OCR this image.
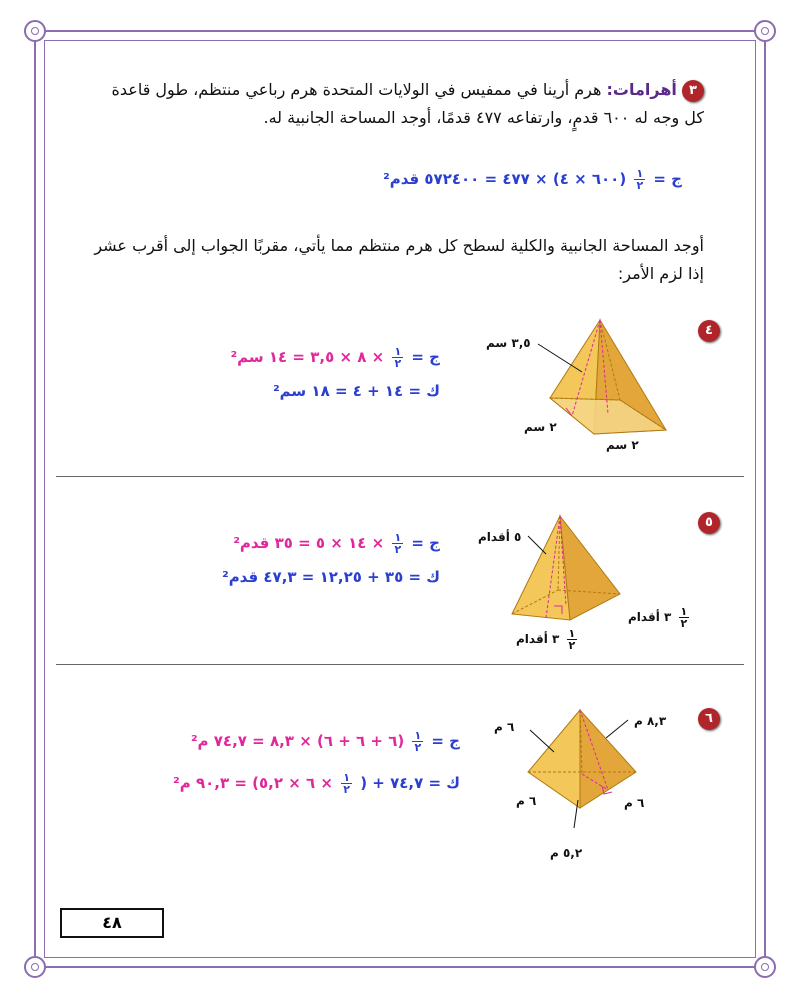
٣ أهرامات: هرم أرينا في ممفيس في الولايات المتحدة هرم رباعي منتظم، طول قاعدة كل وجه له ٦٠٠ قدمٍ، وارتفاعه ٤٧٧ قدمًا، أوجد المساحة الجانبية له.
ج =
$\frac{١}{٢}$
(٦٠٠ × ٤) × ٤٧٧ = ٥٧٢٤٠٠ قدم²
أوجد المساحة الجانبية والكلية لسطح كل هرم منتظم مما يأتي، مقربًا الجواب إلى أقرب عشر إذا لزم الأمر:
٤
ج =
$\frac{١}{٢}$
× ٨ × ٣,٥ = ١٤ سم²
ك = ١٤ + ٤ = ١٨ سم²
٣,٥ سم
٢ سم
٢ سم
٥
ج =
$\frac{١}{٢}$
× ١٤ × ٥ = ٣٥ قدم²
ك = ٣٥ + ١٢,٢٥ = ٤٧,٣ قدم²
٥ أقدام
$\frac{١}{٢}$
٣ أقدام
$\frac{١}{٢}$
٣ أقدام
٦
ج =
$\frac{١}{٢}$
(٦ + ٦ + ٦) × ٨,٣ = ٧٤,٧ م²
ك = ٧٤,٧ + (
$\frac{١}{٢}$
× ٦ × ٥,٢) = ٩٠,٣ م²
٦ م	٨,٣ م
٦ م	٦ م
٥,٢ م
٤٨
